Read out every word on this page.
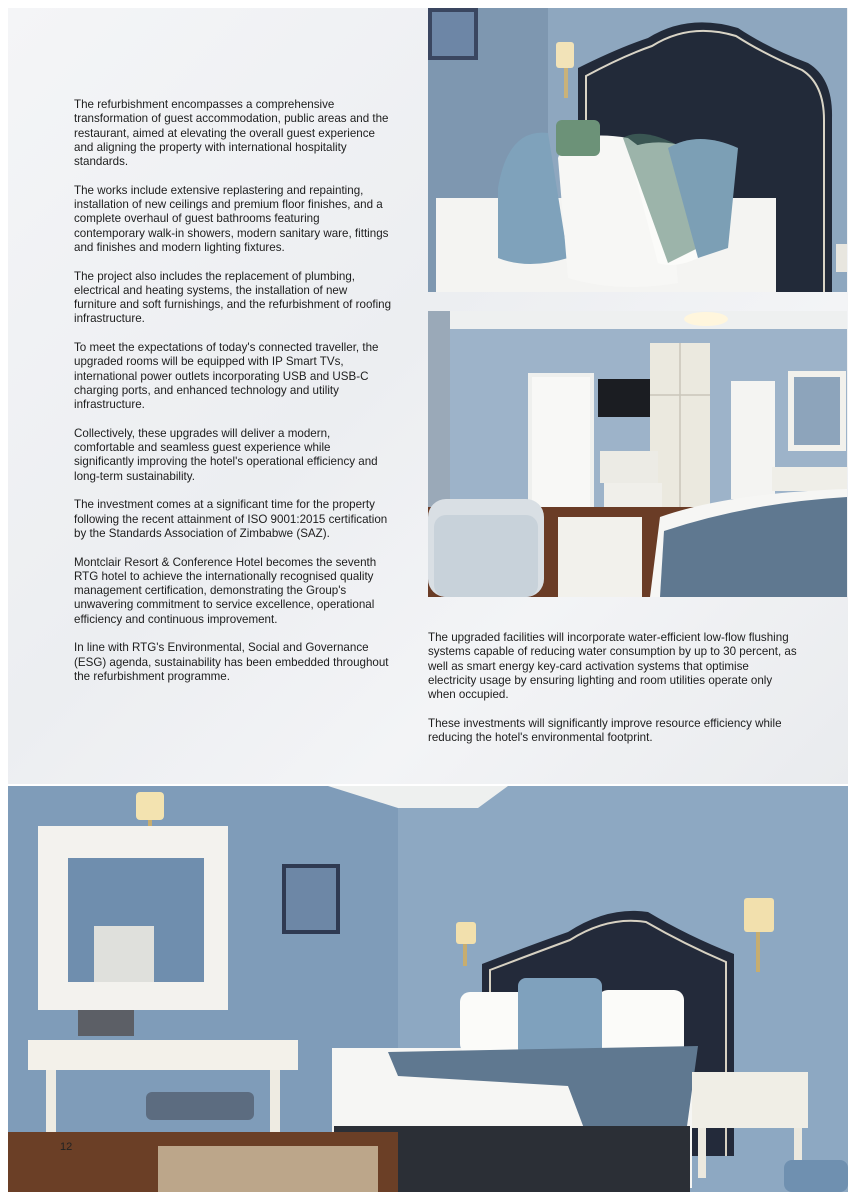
The refurbishment encompasses a comprehensive transformation of guest accommodation, public areas and the restaurant, aimed at elevating the overall guest experience and aligning the property with international hospitality standards.

The works include extensive replastering and repainting, installation of new ceilings and premium floor finishes, and a complete overhaul of guest bathrooms featuring contemporary walk-in showers, modern sanitary ware, fittings and finishes and modern lighting fixtures.

The project also includes the replacement of plumbing, electrical and heating systems, the installation of new furniture and soft furnishings, and the refurbishment of roofing infrastructure.

To meet the expectations of today's connected traveller, the upgraded rooms will be equipped with IP Smart TVs, international power outlets incorporating USB and USB-C charging ports, and enhanced technology and utility infrastructure.

Collectively, these upgrades will deliver a modern, comfortable and seamless guest experience while significantly improving the hotel's operational efficiency and long-term sustainability.

The investment comes at a significant time for the property following the recent attainment of ISO 9001:2015 certification by the Standards Association of Zimbabwe (SAZ).

Montclair Resort & Conference Hotel becomes the seventh RTG hotel to achieve the internationally recognised quality management certification, demonstrating the Group's unwavering commitment to service excellence, operational efficiency and continuous improvement.

In line with RTG's Environmental, Social and Governance (ESG) agenda, sustainability has been embedded throughout the refurbishment programme.

The upgraded facilities will incorporate water-efficient low-flow flushing systems capable of reducing water consumption by up to 30 percent, as well as smart energy key-card activation systems that optimise electricity usage by ensuring lighting and room utilities operate only when occupied.

These investments will significantly improve resource efficiency while reducing the hotel's environmental footprint.

12
